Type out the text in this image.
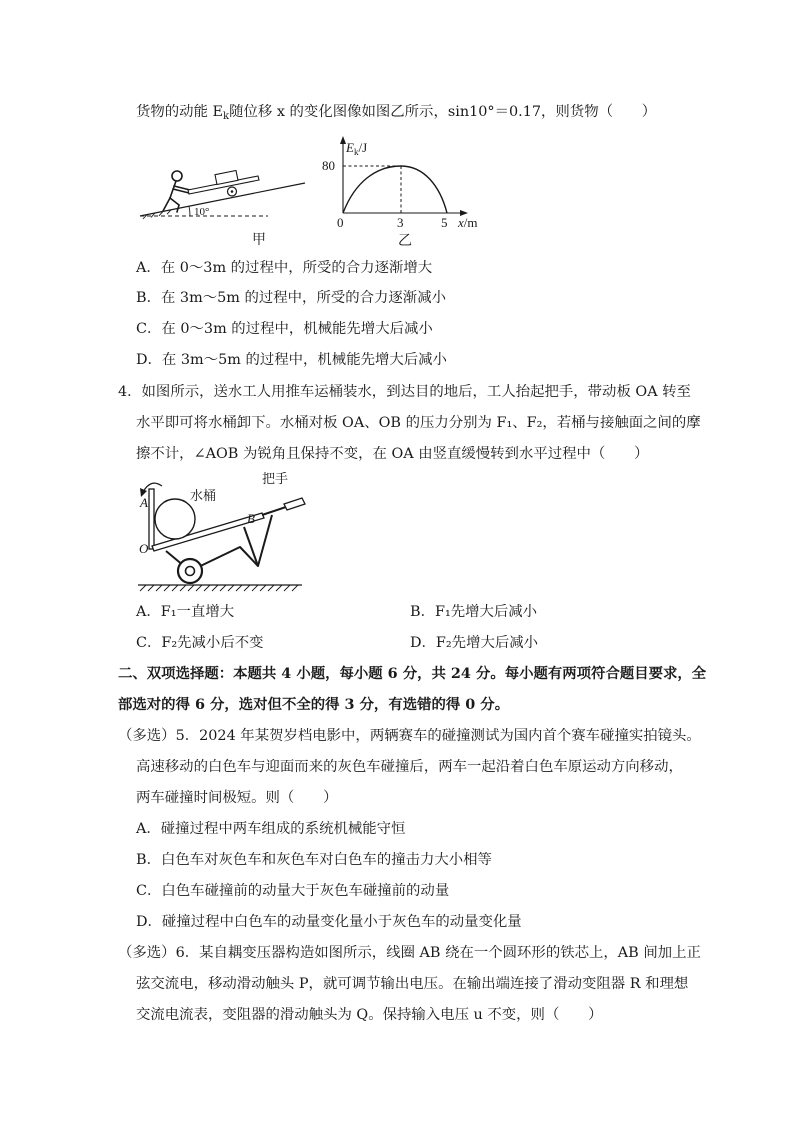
货物的动能 $E_k$随位移 x 的变化图像如图乙所示，sin10°＝0.17，则货物（　　）
10°
甲
$E_k/J$
80
0	3	5 x/m
乙
A．在 0～3m 的过程中，所受的合力逐渐增大
B．在 3m～5m 的过程中，所受的合力逐渐减小
C．在 0～3m 的过程中，机械能先增大后减小
D．在 3m～5m 的过程中，机械能先增大后减小
4．如图所示，送水工人用推车运桶装水，到达目的地后，工人抬起把手，带动板 OA 转至
水平即可将水桶卸下。水桶对板 OA、OB 的压力分别为 F₁、F₂，若桶与接触面之间的摩
擦不计，∠AOB 为锐角且保持不变，在 OA 由竖直缓慢转到水平过程中（　　）
A
O
B
水桶
把手
A．F₁一直增大	B．F₁先增大后减小
C．F₂先减小后不变	D．F₂先增大后减小
二、双项选择题：本题共 4 小题，每小题 6 分，共 24 分。每小题有两项符合题目要求，全
部选对的得 6 分，选对但不全的得 3 分，有选错的得 0 分。
（多选）5．2024 年某贺岁档电影中，两辆赛车的碰撞测试为国内首个赛车碰撞实拍镜头。
高速移动的白色车与迎面而来的灰色车碰撞后，两车一起沿着白色车原运动方向移动，
两车碰撞时间极短。则（　　）
A．碰撞过程中两车组成的系统机械能守恒
B．白色车对灰色车和灰色车对白色车的撞击力大小相等
C．白色车碰撞前的动量大于灰色车碰撞前的动量
D．碰撞过程中白色车的动量变化量小于灰色车的动量变化量
（多选）6．某自耦变压器构造如图所示，线圈 AB 绕在一个圆环形的铁芯上，AB 间加上正
弦交流电，移动滑动触头 P，就可调节输出电压。在输出端连接了滑动变阻器 R 和理想
交流电流表，变阻器的滑动触头为 Q。保持输入电压 u 不变，则（　　）
